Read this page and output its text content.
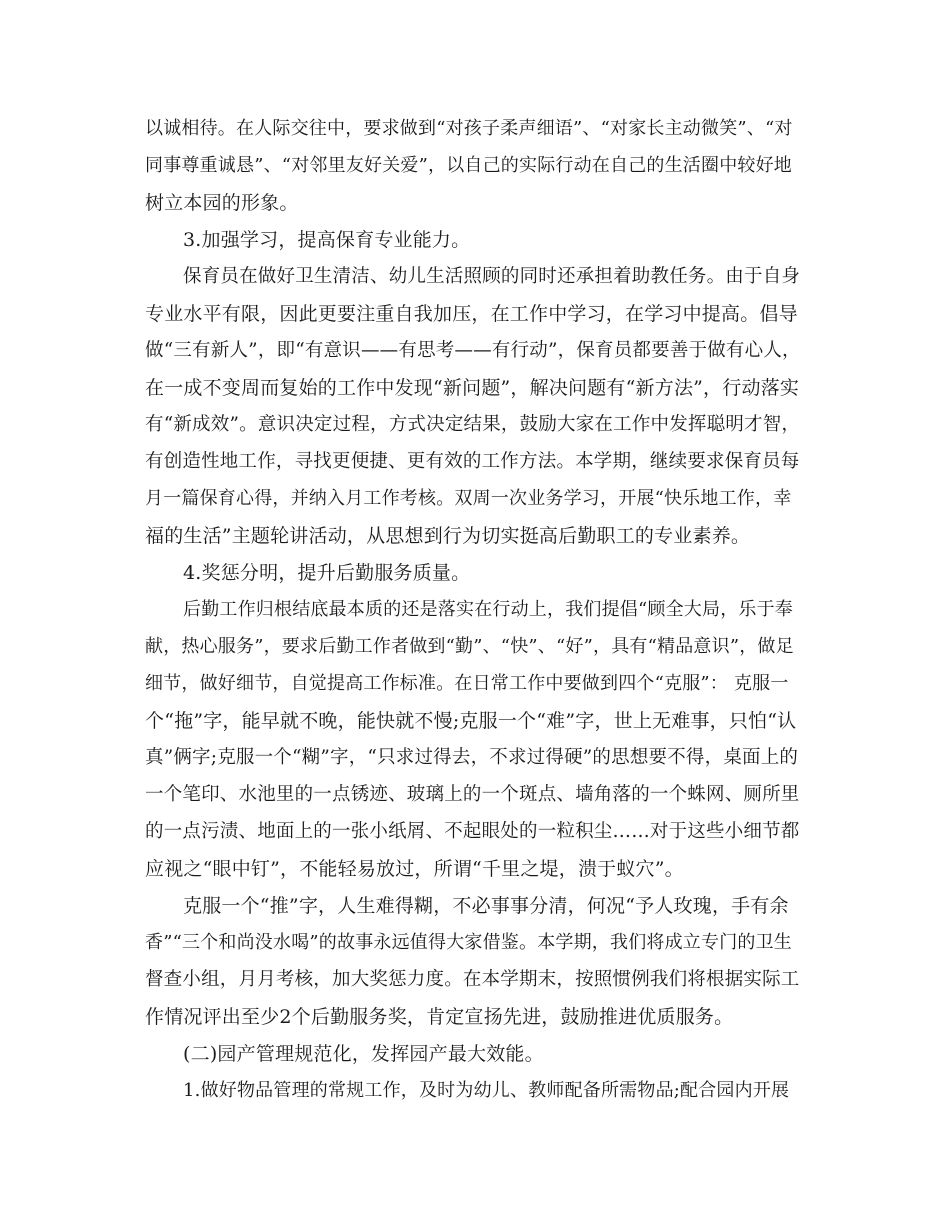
以诚相待。在人际交往中，要求做到“对孩子柔声细语”、“对家长主动微笑”、“对
同事尊重诚恳”、“对邻里友好关爱”，以自己的实际行动在自己的生活圈中较好地
树立本园的形象。
3.加强学习，提高保育专业能力。
保育员在做好卫生清洁、幼儿生活照顾的同时还承担着助教任务。由于自身
专业水平有限，因此更要注重自我加压，在工作中学习，在学习中提高。倡导
做“三有新人”，即“有意识——有思考——有行动”，保育员都要善于做有心人，
在一成不变周而复始的工作中发现“新问题”，解决问题有“新方法”，行动落实
有“新成效”。意识决定过程，方式决定结果，鼓励大家在工作中发挥聪明才智，
有创造性地工作，寻找更便捷、更有效的工作方法。本学期，继续要求保育员每
月一篇保育心得，并纳入月工作考核。双周一次业务学习，开展“快乐地工作，幸
福的生活”主题轮讲活动，从思想到行为切实挺高后勤职工的专业素养。
4.奖惩分明，提升后勤服务质量。
后勤工作归根结底最本质的还是落实在行动上，我们提倡“顾全大局，乐于奉
献，热心服务”，要求后勤工作者做到“勤”、“快”、“好”，具有“精品意识”，做足
细节，做好细节，自觉提高工作标准。在日常工作中要做到四个“克服”： 克服一
个“拖”字，能早就不晚，能快就不慢;克服一个“难”字，世上无难事，只怕“认
真”俩字;克服一个“糊”字，“只求过得去，不求过得硬”的思想要不得，桌面上的
一个笔印、水池里的一点锈迹、玻璃上的一个斑点、墙角落的一个蛛网、厕所里
的一点污渍、地面上的一张小纸屑、不起眼处的一粒积尘……对于这些小细节都
应视之“眼中钉”，不能轻易放过，所谓“千里之堤，溃于蚁穴”。
克服一个“推”字，人生难得糊，不必事事分清，何况“予人玫瑰，手有余
香”“三个和尚没水喝”的故事永远值得大家借鉴。本学期，我们将成立专门的卫生
督查小组，月月考核，加大奖惩力度。在本学期末，按照惯例我们将根据实际工
作情况评出至少2个后勤服务奖，肯定宣扬先进，鼓励推进优质服务。
(二)园产管理规范化，发挥园产最大效能。
1.做好物品管理的常规工作，及时为幼儿、教师配备所需物品;配合园内开展
